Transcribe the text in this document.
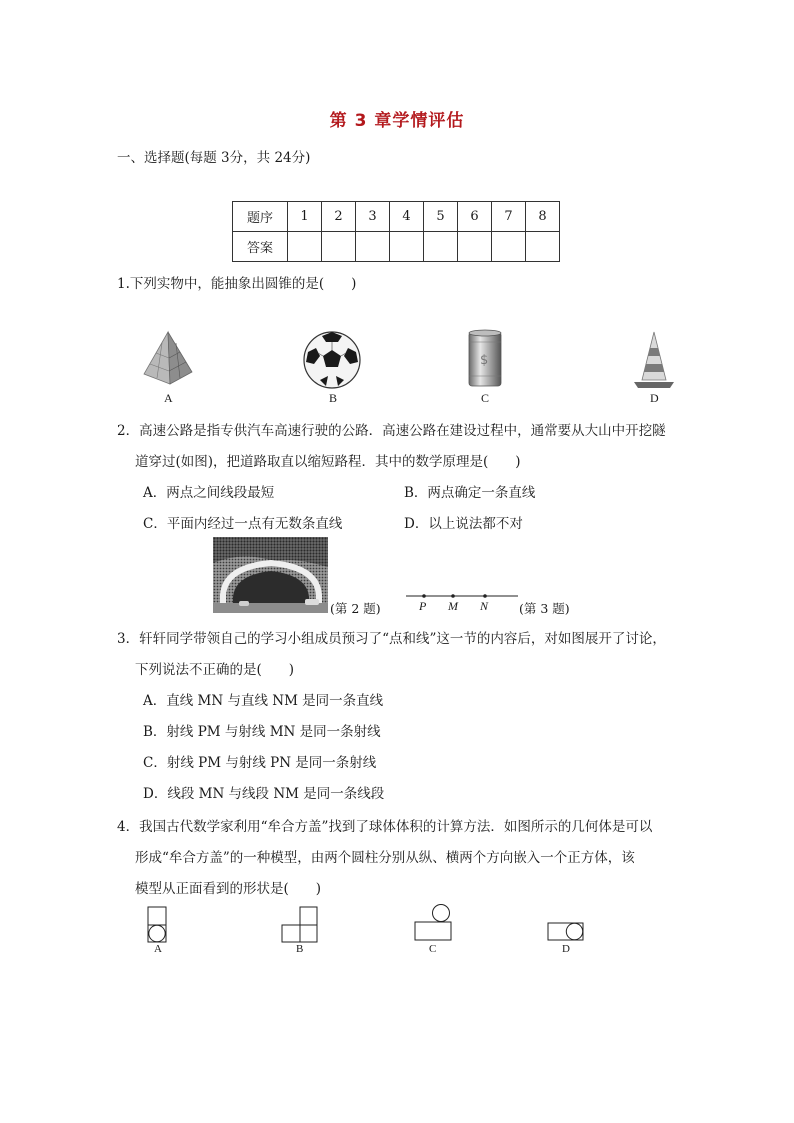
第 3 章学情评估
一、选择题(每题 3分，共 24分)
题序	1	2	3	4	5	6	7	8
答案								
1.下列实物中，能抽象出圆锥的是(　　)
A	B
$
C	D
2．高速公路是指专供汽车高速行驶的公路．高速公路在建设过程中，通常要从大山中开挖隧
道穿过(如图)，把道路取直以缩短路程．其中的数学原理是(　　)
A．两点之间线段最短	B．两点确定一条直线
C．平面内经过一点有无数条直线	D．以上说法都不对
(第 2 题)	P M N (第 3 题)
3．轩轩同学带领自己的学习小组成员预习了“点和线”这一节的内容后，对如图展开了讨论，
下列说法不正确的是(　　)
A．直线 MN 与直线 NM 是同一条直线
B．射线 PM 与射线 MN 是同一条射线
C．射线 PM 与射线 PN 是同一条射线
D．线段 MN 与线段 NM 是同一条线段
4．我国古代数学家利用“牟合方盖”找到了球体体积的计算方法．如图所示的几何体是可以
形成“牟合方盖”的一种模型，由两个圆柱分别从纵、横两个方向嵌入一个正方体，该
模型从正面看到的形状是(　　)
A	B	C	D
